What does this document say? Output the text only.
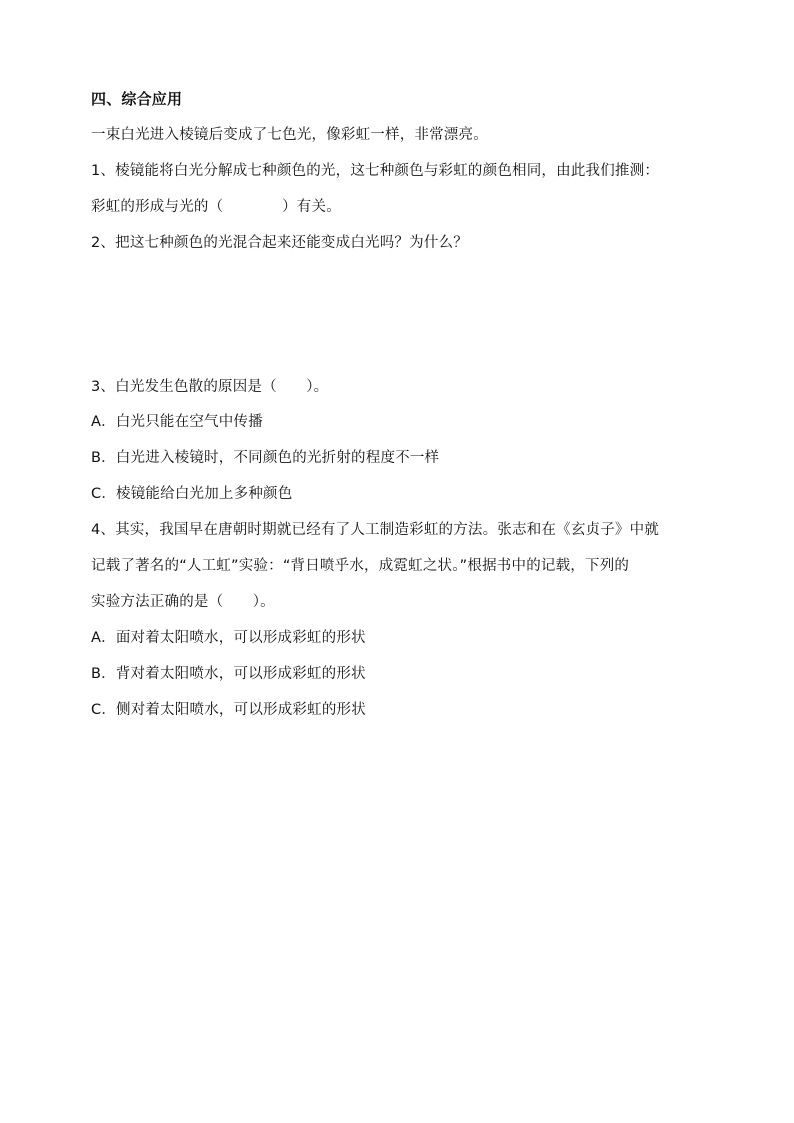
四、综合应用
一束白光进入棱镜后变成了七色光，像彩虹一样，非常漂亮。
1、棱镜能将白光分解成七种颜色的光，这七种颜色与彩虹的颜色相同，由此我们推测：
彩虹的形成与光的（　　　　）有关。
2、把这七种颜色的光混合起来还能变成白光吗？为什么？
3、白光发生色散的原因是（　　）。
A．白光只能在空气中传播
B．白光进入棱镜时，不同颜色的光折射的程度不一样
C．棱镜能给白光加上多种颜色
4、其实，我国早在唐朝时期就已经有了人工制造彩虹的方法。张志和在《玄贞子》中就
记载了著名的“人工虹”实验：“背日喷乎水，成霓虹之状。”根据书中的记载，下列的
实验方法正确的是（　　）。
A．面对着太阳喷水，可以形成彩虹的形状
B．背对着太阳喷水，可以形成彩虹的形状
C．侧对着太阳喷水，可以形成彩虹的形状
